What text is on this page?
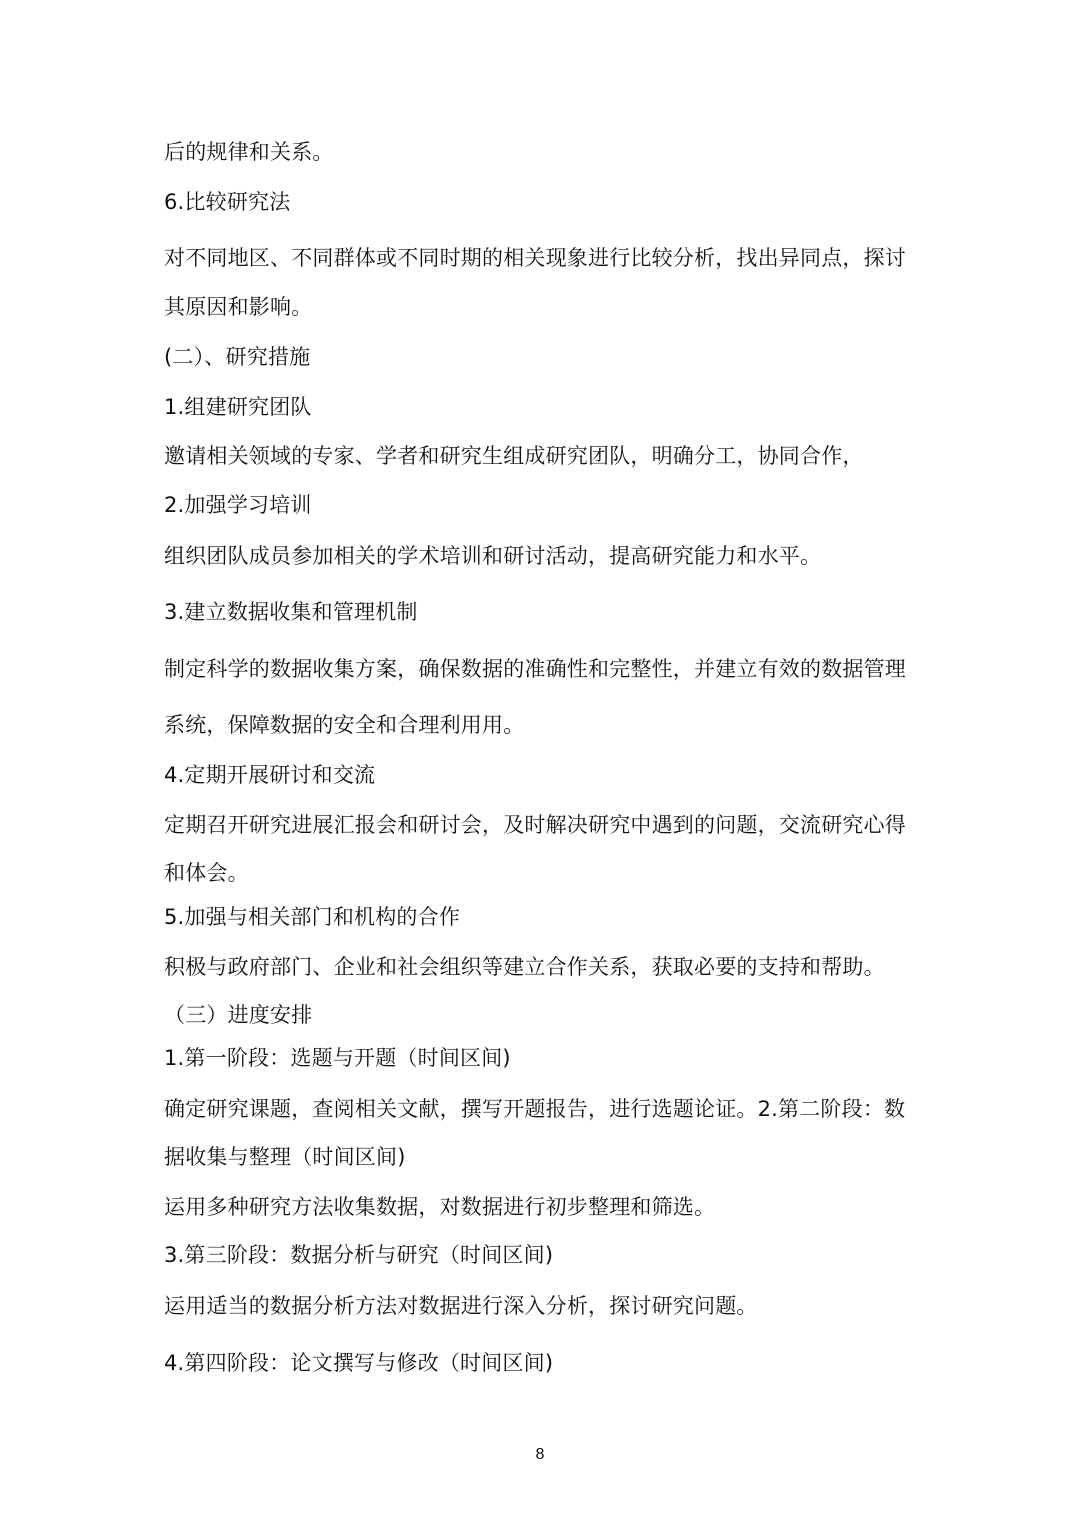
后的规律和关系。
6.比较研究法
对不同地区、不同群体或不同时期的相关现象进行比较分析，找出异同点，探讨
其原因和影响。
(二）、研究措施
1.组建研究团队
邀请相关领域的专家、学者和研究生组成研究团队，明确分工，协同合作，
2.加强学习培训
组织团队成员参加相关的学术培训和研讨活动，提高研究能力和水平。
3.建立数据收集和管理机制
制定科学的数据收集方案，确保数据的准确性和完整性，并建立有效的数据管理
系统，保障数据的安全和合理利用用。
4.定期开展研讨和交流
定期召开研究进展汇报会和研讨会，及时解决研究中遇到的问题，交流研究心得
和体会。
5.加强与相关部门和机构的合作
积极与政府部门、企业和社会组织等建立合作关系，获取必要的支持和帮助。
（三）进度安排
1.第一阶段：选题与开题（时间区间)
确定研究课题，查阅相关文献，撰写开题报告，进行选题论证。2.第二阶段：数
据收集与整理（时间区间)
运用多种研究方法收集数据，对数据进行初步整理和筛选。
3.第三阶段：数据分析与研究（时间区间)
运用适当的数据分析方法对数据进行深入分析，探讨研究问题。
4.第四阶段：论文撰写与修改（时间区间)
8
